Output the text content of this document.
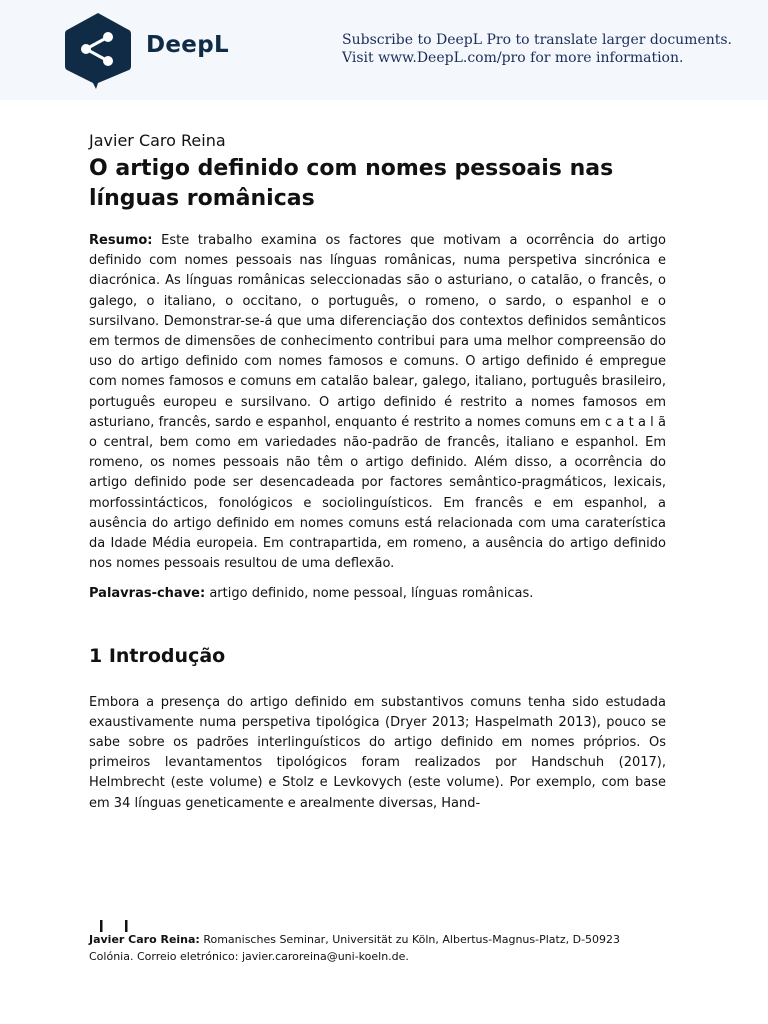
DeepL	Subscribe to DeepL Pro to translate larger documents.
Visit www.DeepL.com/pro for more information.
Javier Caro Reina
O artigo definido com nomes pessoais nas línguas românicas

Resumo: Este trabalho examina os factores que motivam a ocorrência do artigo definido com nomes pessoais nas línguas românicas, numa perspetiva sincrónica e diacrónica. As línguas românicas seleccionadas são o asturiano, o catalão, o francês, o galego, o italiano, o occitano, o português, o romeno, o sardo, o espanhol e o sursilvano. Demonstrar-se-á que uma diferenciação dos contextos definidos semânticos em termos de dimensões de conhecimento contribui para uma melhor compreensão do uso do artigo definido com nomes famosos e comuns. O artigo definido é empregue com nomes famosos e comuns em catalão balear, galego, italiano, português brasileiro, português europeu e sursilvano. O artigo definido é restrito a nomes famosos em asturiano, francês, sardo e espanhol, enquanto é restrito a nomes comuns em c a t a l ã o central, bem como em variedades não-padrão de francês, italiano e espanhol. Em romeno, os nomes pessoais não têm o artigo definido. Além disso, a ocorrência do artigo definido pode ser desencadeada por factores semântico-pragmáticos, lexicais, morfossintácticos, fonológicos e sociolinguísticos. Em francês e em espanhol, a ausência do artigo definido em nomes comuns está relacionada com uma caraterística da Idade Média europeia. Em contrapartida, em romeno, a ausência do artigo definido nos nomes pessoais resultou de uma deflexão.

Palavras-chave: artigo definido, nome pessoal, línguas românicas.

1 Introdução

Embora a presença do artigo definido em substantivos comuns tenha sido estudada exaustivamente numa perspetiva tipológica (Dryer 2013; Haspelmath 2013), pouco se sabe sobre os padrões interlinguísticos do artigo definido em nomes próprios. Os primeiros levantamentos tipológicos foram realizados por Handschuh (2017), Helmbrecht (este volume) e Stolz e Levkovych (este volume). Por exemplo, com base em 34 línguas geneticamente e arealmente diversas, Hand-

Javier Caro Reina: Romanisches Seminar, Universität zu Köln, Albertus-Magnus-Platz, D-50923 Colónia. Correio eletrónico: javier.caroreina@uni-koeln.de.
